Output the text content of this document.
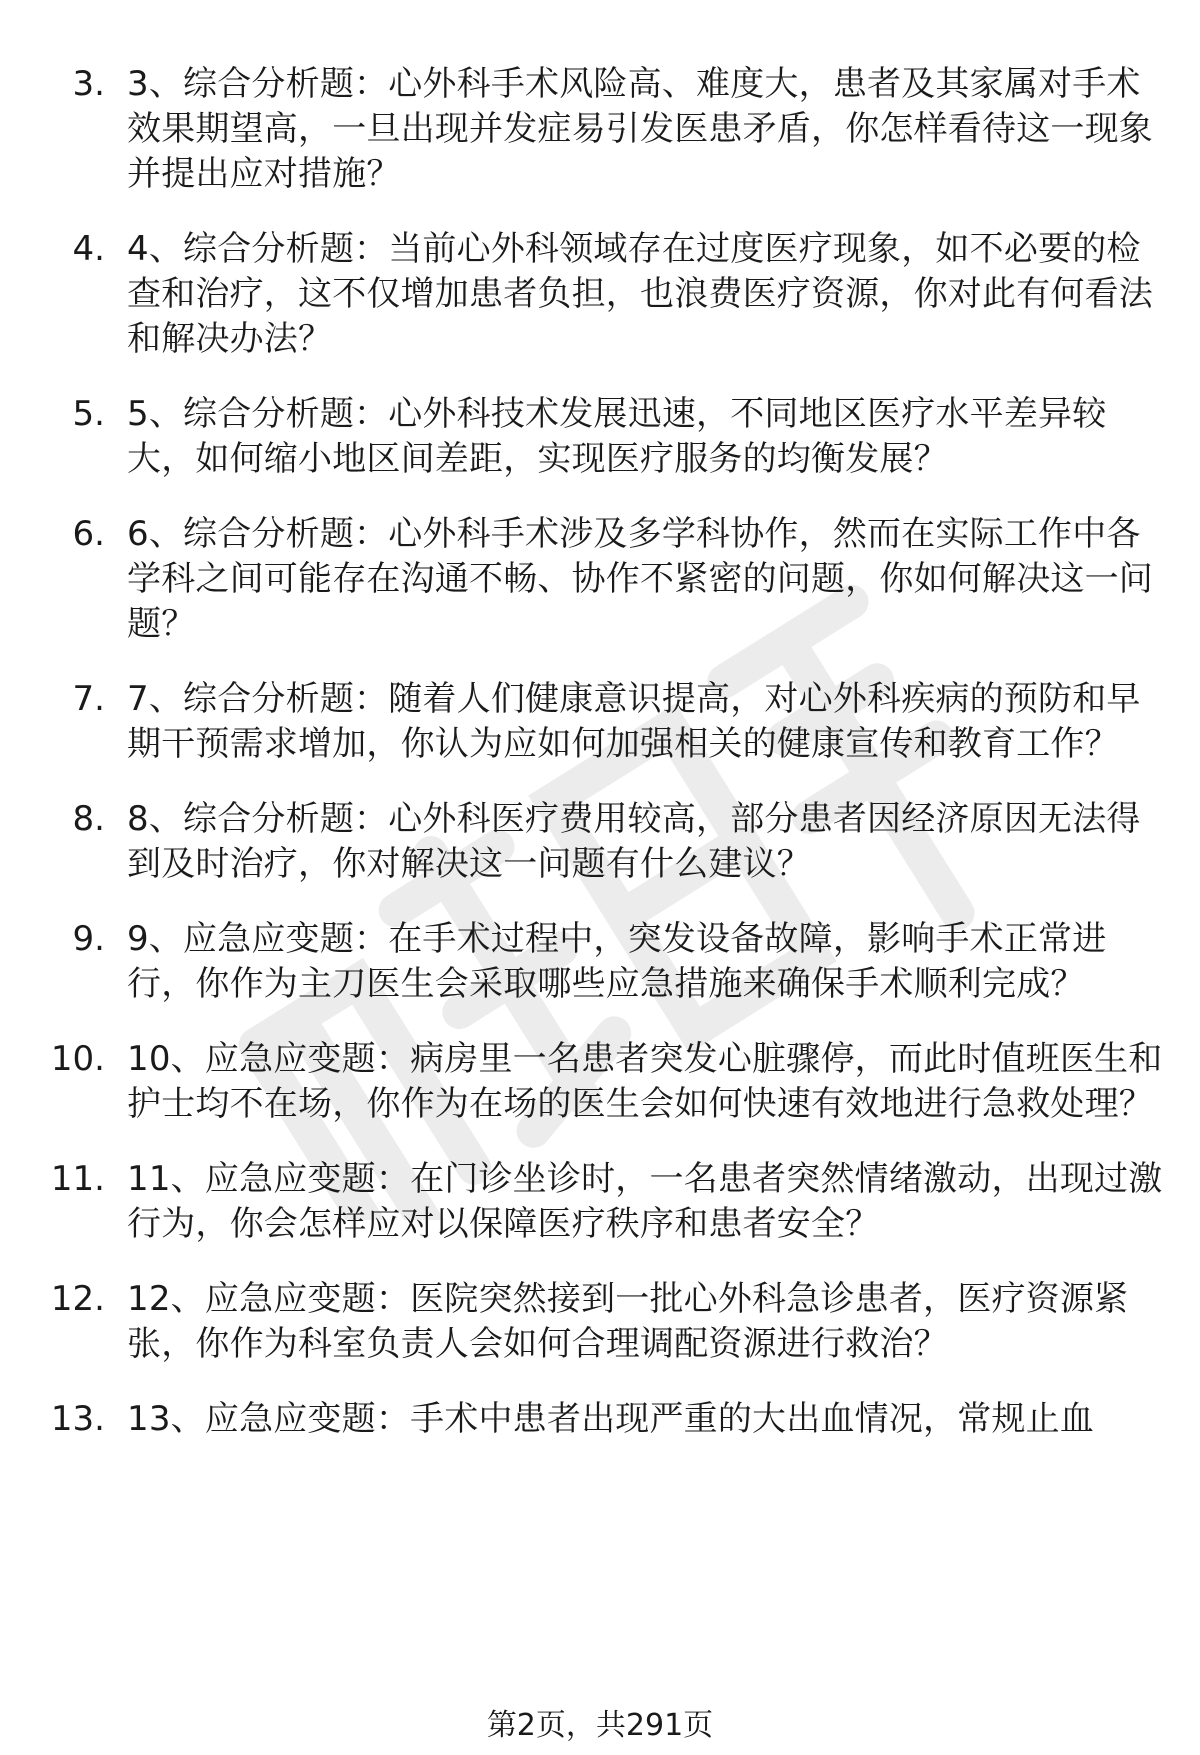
3. 3、综合分析题：心外科手术风险高、难度大，患者及其家属对手术效果期望高，一旦出现并发症易引发医患矛盾，你怎样看待这一现象并提出应对措施？
4. 4、综合分析题：当前心外科领域存在过度医疗现象，如不必要的检查和治疗，这不仅增加患者负担，也浪费医疗资源，你对此有何看法和解决办法？
5. 5、综合分析题：心外科技术发展迅速，不同地区医疗水平差异较大，如何缩小地区间差距，实现医疗服务的均衡发展？
6. 6、综合分析题：心外科手术涉及多学科协作，然而在实际工作中各学科之间可能存在沟通不畅、协作不紧密的问题，你如何解决这一问题？
7. 7、综合分析题：随着人们健康意识提高，对心外科疾病的预防和早期干预需求增加，你认为应如何加强相关的健康宣传和教育工作？
8. 8、综合分析题：心外科医疗费用较高，部分患者因经济原因无法得到及时治疗，你对解决这一问题有什么建议？
9. 9、应急应变题：在手术过程中，突发设备故障，影响手术正常进行，你作为主刀医生会采取哪些应急措施来确保手术顺利完成？
10. 10、应急应变题：病房里一名患者突发心脏骤停，而此时值班医生和护士均不在场，你作为在场的医生会如何快速有效地进行急救处理？
11. 11、应急应变题：在门诊坐诊时，一名患者突然情绪激动，出现过激行为，你会怎样应对以保障医疗秩序和患者安全？
12. 12、应急应变题：医院突然接到一批心外科急诊患者，医疗资源紧张，你作为科室负责人会如何合理调配资源进行救治？
13. 13、应急应变题：手术中患者出现严重的大出血情况，常规止血
第2页，共291页
